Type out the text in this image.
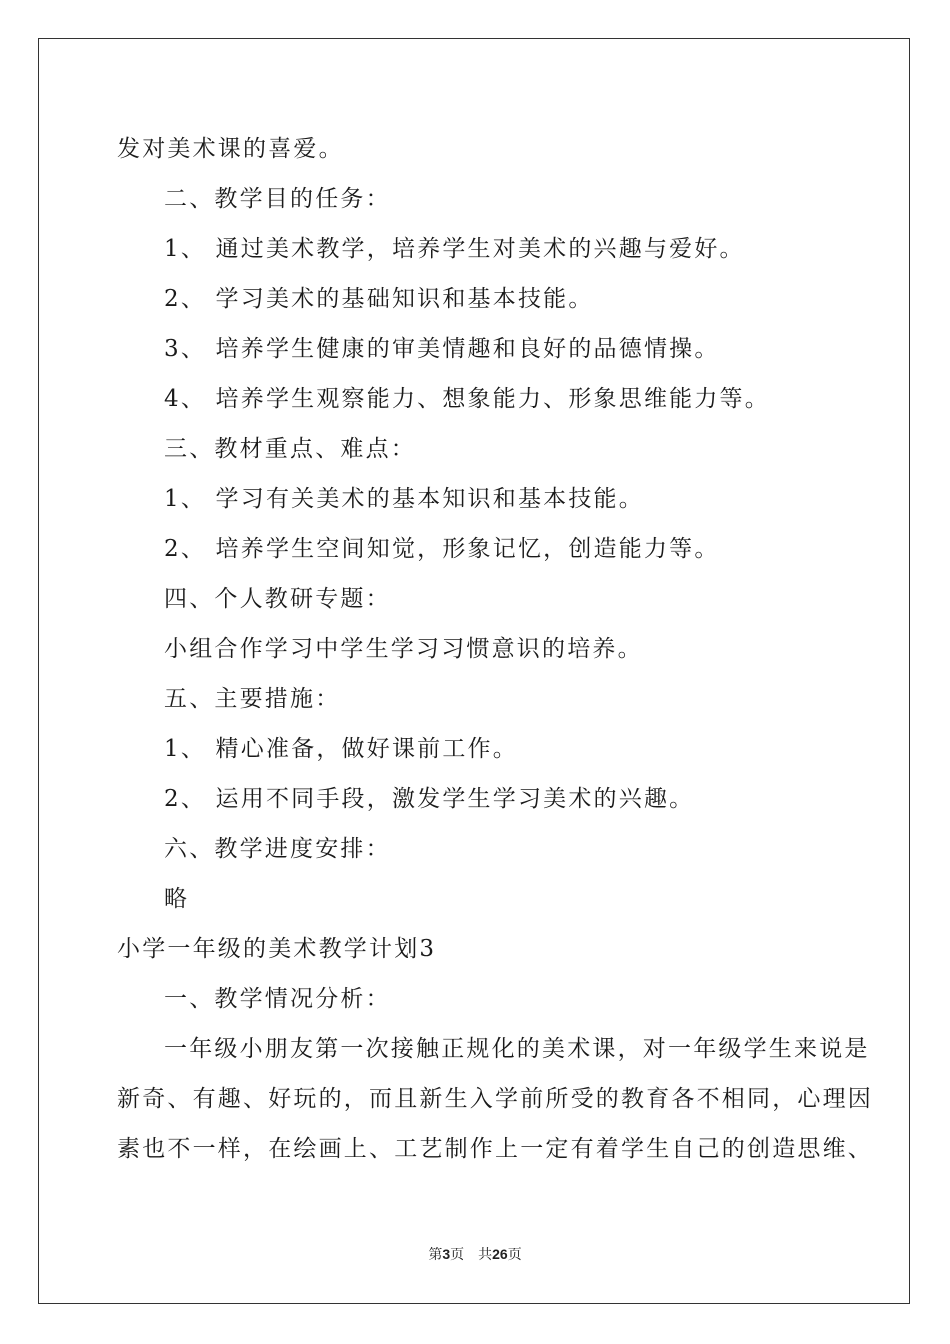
发对美术课的喜爱。
二、教学目的任务：
1、 通过美术教学，培养学生对美术的兴趣与爱好。
2、 学习美术的基础知识和基本技能。
3、 培养学生健康的审美情趣和良好的品德情操。
4、 培养学生观察能力、想象能力、形象思维能力等。
三、教材重点、难点：
1、 学习有关美术的基本知识和基本技能。
2、 培养学生空间知觉，形象记忆，创造能力等。
四、个人教研专题：
小组合作学习中学生学习习惯意识的培养。
五、主要措施：
1、 精心准备，做好课前工作。
2、 运用不同手段，激发学生学习美术的兴趣。
六、教学进度安排：
略
小学一年级的美术教学计划3
一、教学情况分析：
一年级小朋友第一次接触正规化的美术课，对一年级学生来说是
新奇、有趣、好玩的，而且新生入学前所受的教育各不相同，心理因
素也不一样，在绘画上、工艺制作上一定有着学生自己的创造思维、
第3页    共26页
